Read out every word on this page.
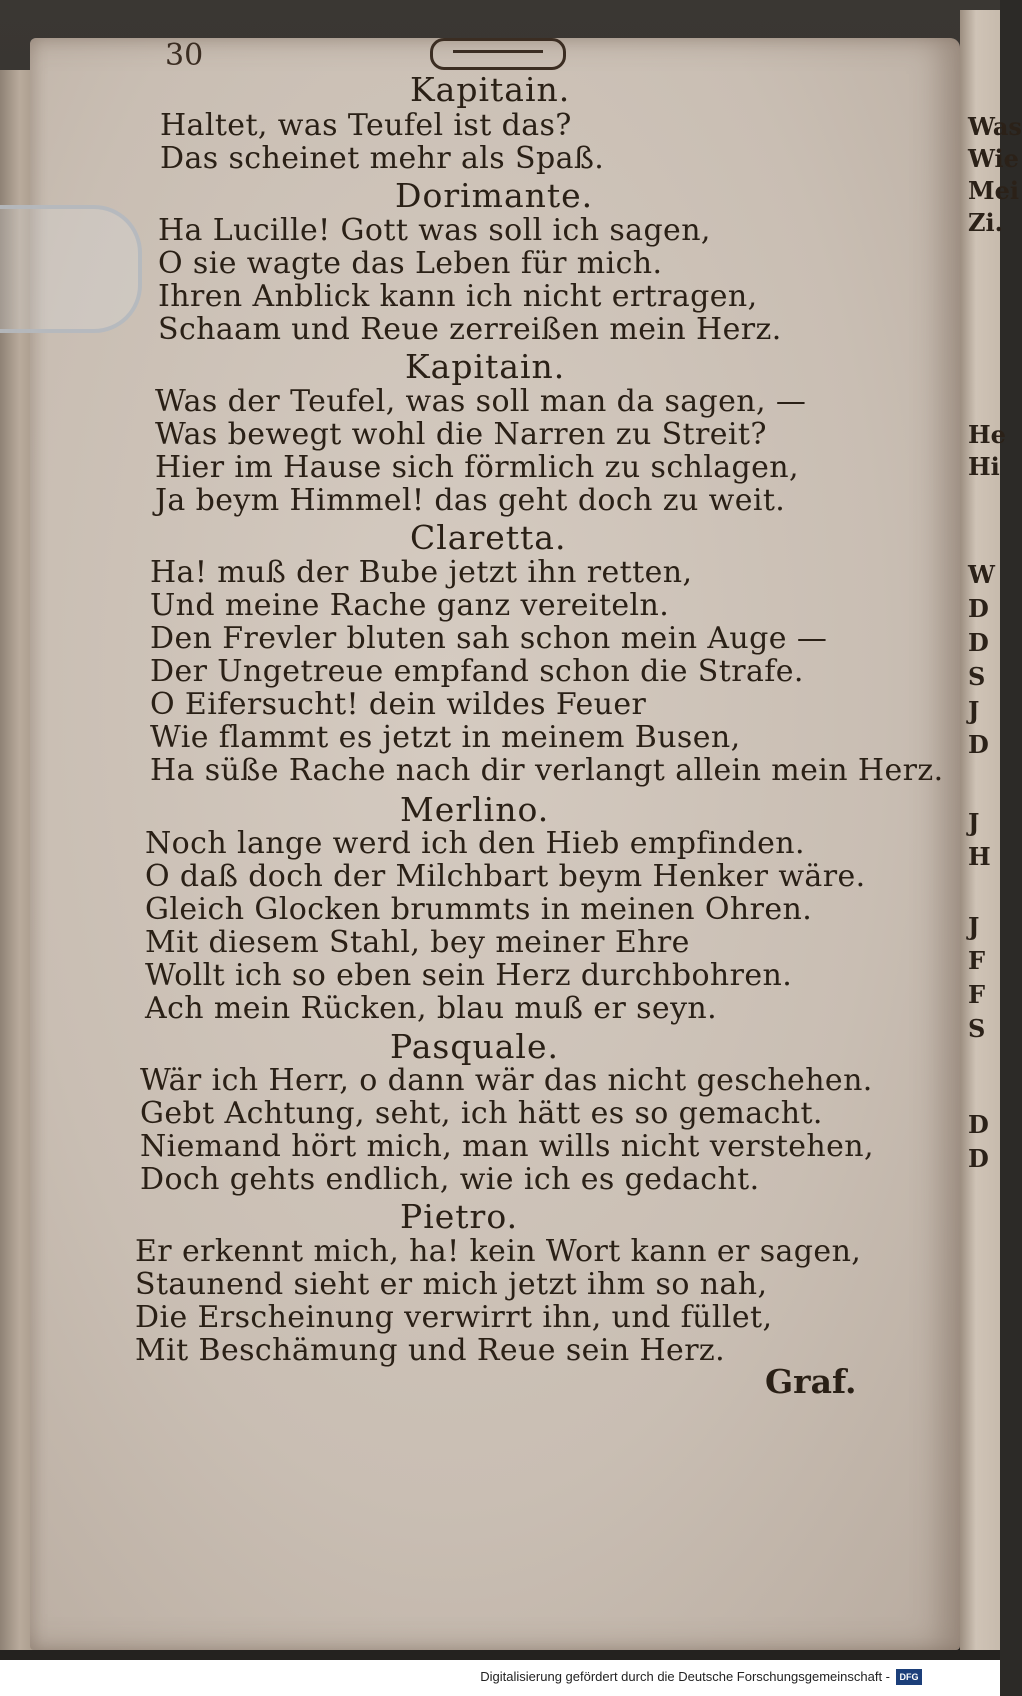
30
Kapitain.
Haltet, was Teufel ist das?
Das scheinet mehr als Spaß.
Dorimante.
Ha Lucille! Gott was soll ich sagen,
O sie wagte das Leben für mich.
Ihren Anblick kann ich nicht ertragen,
Schaam und Reue zerreißen mein Herz.
Kapitain.
Was der Teufel, was soll man da sagen, —
Was bewegt wohl die Narren zu Streit?
Hier im Hause sich förmlich zu schlagen,
Ja beym Himmel! das geht doch zu weit.
Claretta.
Ha! muß der Bube jetzt ihn retten,
Und meine Rache ganz vereiteln.
Den Frevler bluten sah schon mein Auge —
Der Ungetreue empfand schon die Strafe.
O Eifersucht! dein wildes Feuer
Wie flammt es jetzt in meinem Busen,
Ha süße Rache nach dir verlangt allein mein Herz.
Merlino.
Noch lange werd ich den Hieb empfinden.
O daß doch der Milchbart beym Henker wäre.
Gleich Glocken brummts in meinen Ohren.
Mit diesem Stahl, bey meiner Ehre
Wollt ich so eben sein Herz durchbohren.
Ach mein Rücken, blau muß er seyn.
Pasquale.
Wär ich Herr, o dann wär das nicht geschehen.
Gebt Achtung, seht, ich hätt es so gemacht.
Niemand hört mich, man wills nicht verstehen,
Doch gehts endlich, wie ich es gedacht.
Pietro.
Er erkennt mich, ha! kein Wort kann er sagen,
Staunend sieht er mich jetzt ihm so nah,
Die Erscheinung verwirrt ihn, und füllet,
Mit Beschämung und Reue sein Herz.
Graf.
Was
Wie
Mei
Zi.
He
Hi
W
D
D
S
J
D
J
H
J
F
F
S
D
D
Digitalisierung gefördert durch die Deutsche Forschungsgemeinschaft -	DFG
